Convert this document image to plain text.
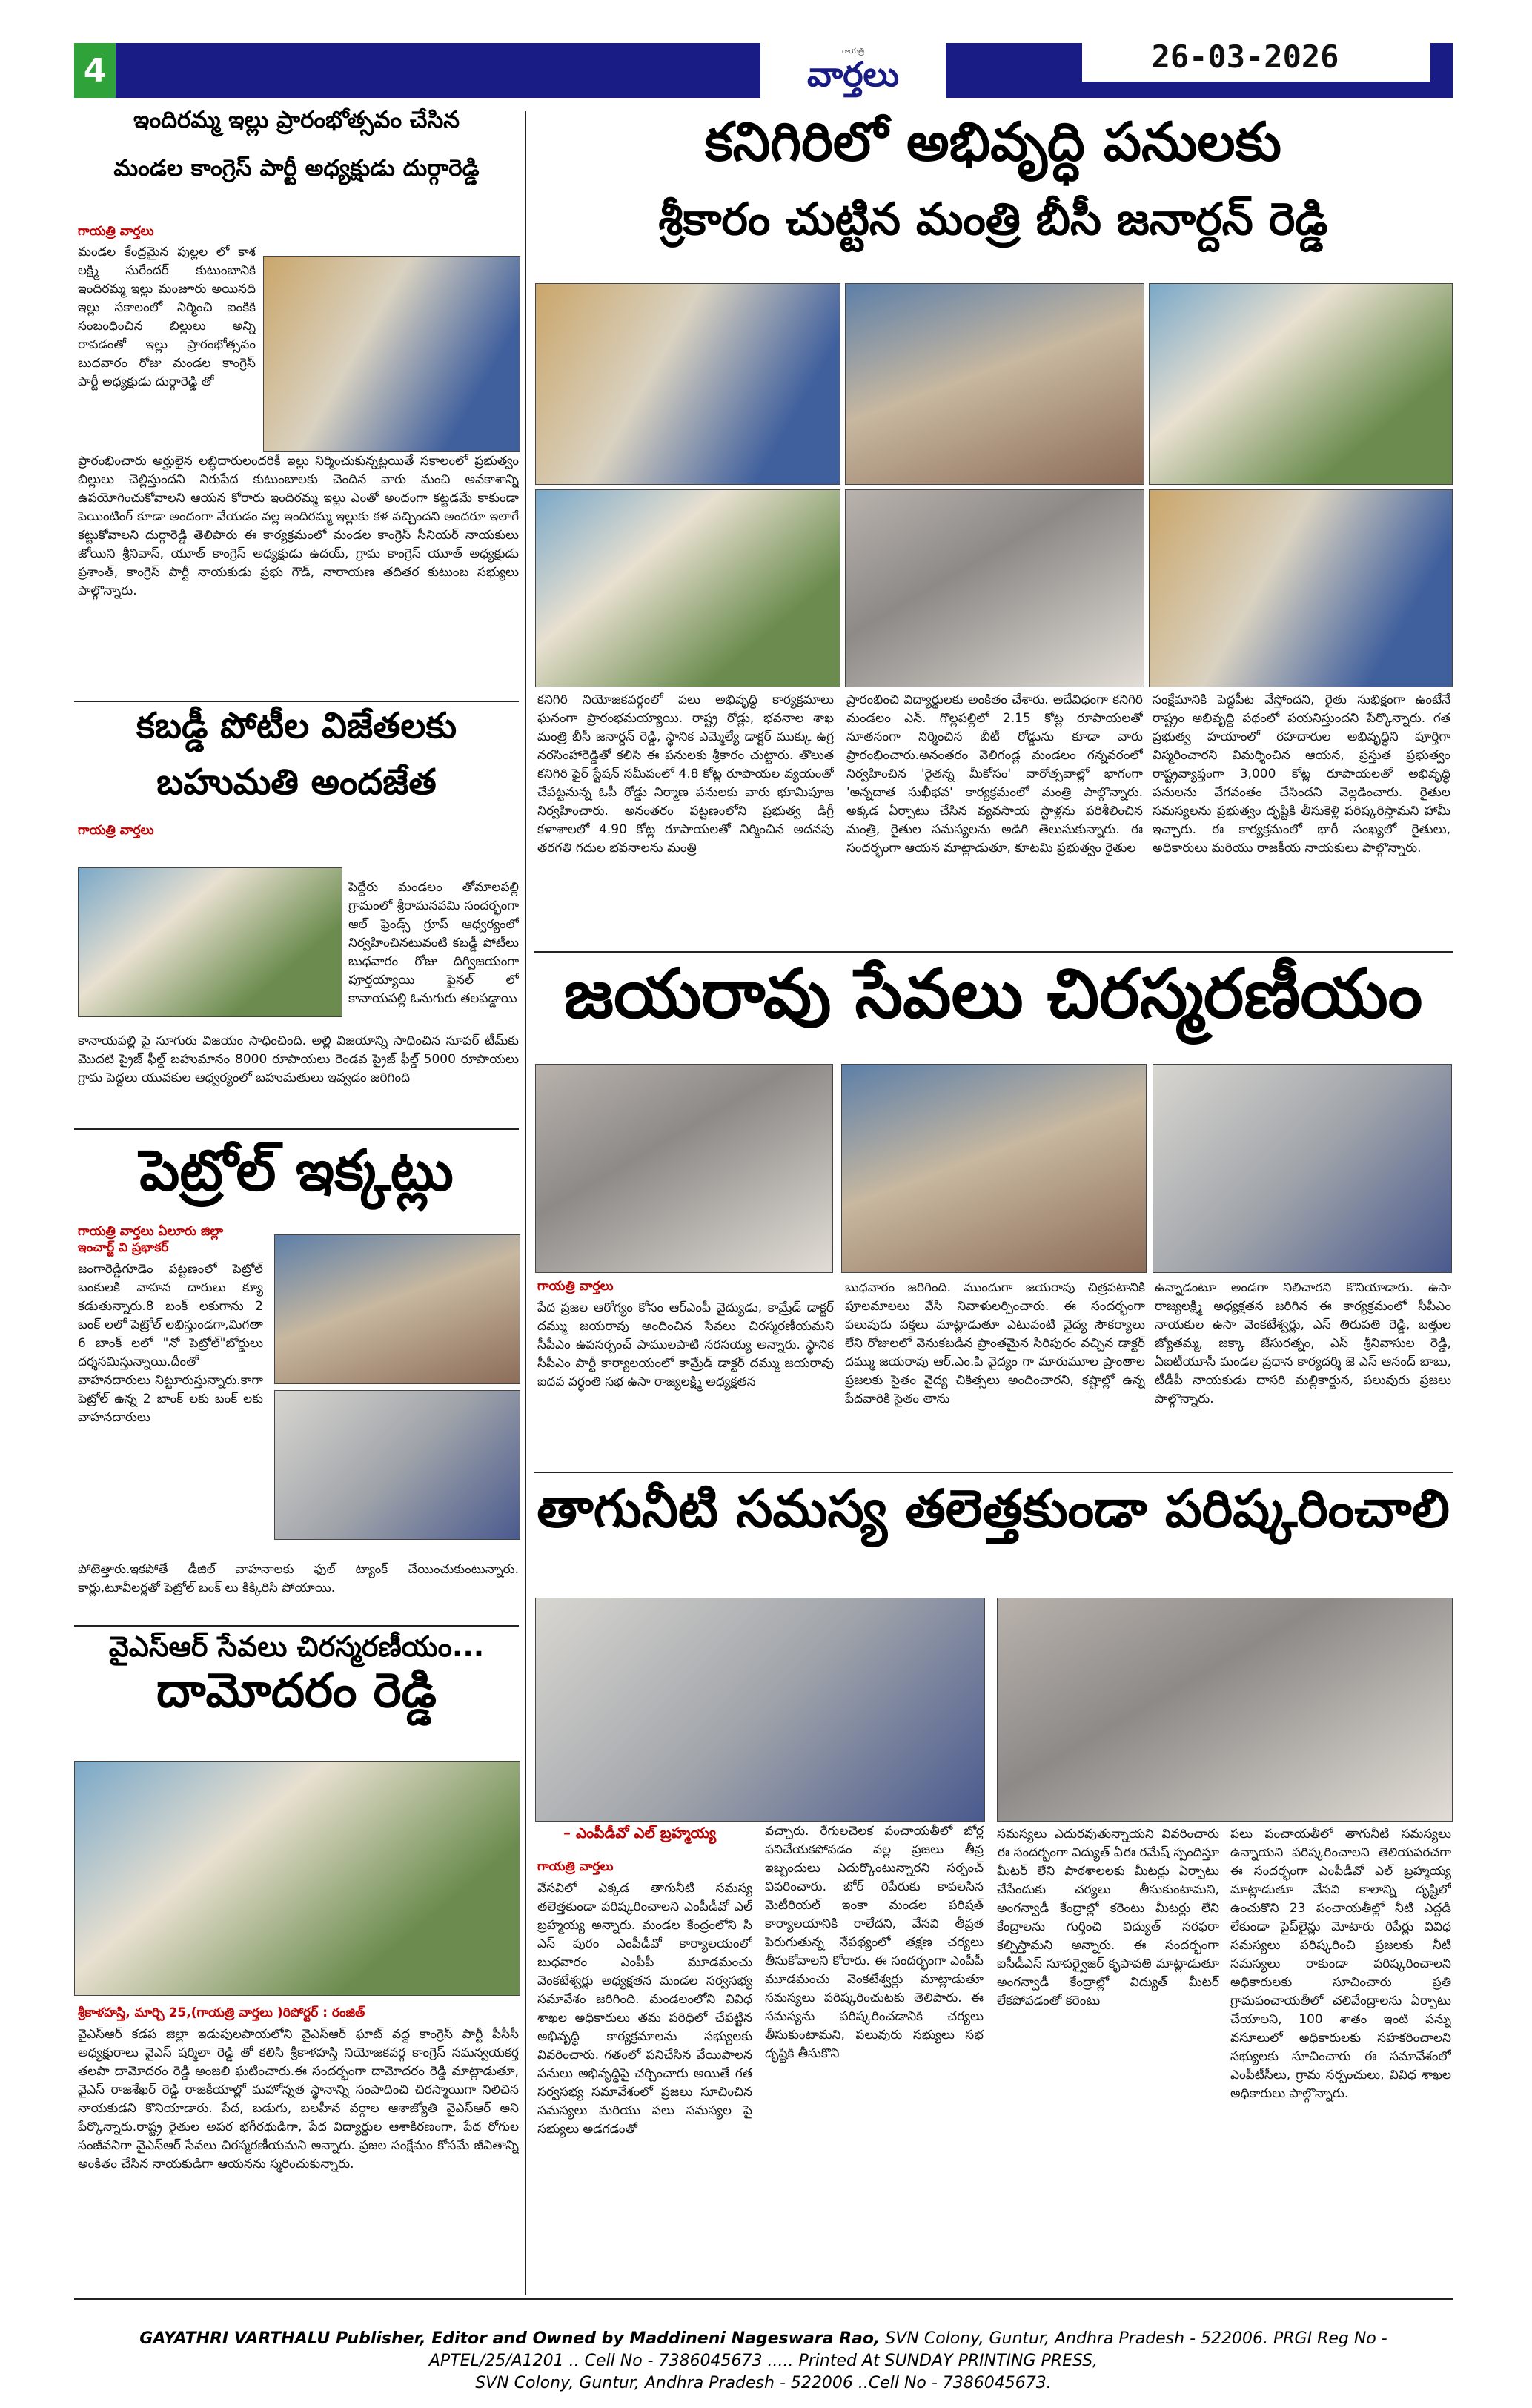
4	గాయత్రి
వార్తలు	26-03-2026
ఇందిరమ్మ ఇల్లు ప్రారంభోత్సవం చేసిన
మండల కాంగ్రెస్ పార్టీ అధ్యక్షుడు దుర్గారెడ్డి
గాయత్రి వార్తలు
మండల కేంద్రమైన పుల్లల లో కాశ లక్ష్మి సురేందర్ కుటుంబానికి ఇందిరమ్మ ఇల్లు మంజూరు అయినది ఇల్లు సకాలంలో నిర్మించి ఐంకికి సంబంధించిన బిల్లులు అన్ని రావడంతో ఇల్లు ప్రారంభోత్సవం బుధవారం రోజు మండల కాంగ్రెస్ పార్టీ అధ్యక్షుడు దుర్గారెడ్డి తో
ప్రారంభించారు అర్హులైన లబ్ధిదారులందరికీ ఇల్లు నిర్మించుకున్నట్లయితే సకాలంలో ప్రభుత్వం బిల్లులు చెల్లిస్తుందని నిరుపేద కుటుంబాలకు చెందిన వారు మంచి అవకాశాన్ని ఉపయోగించుకోవాలని ఆయన కోరారు ఇందిరమ్మ ఇల్లు ఎంతో అందంగా కట్టడమే కాకుండా పెయింటింగ్ కూడా అందంగా వేయడం వల్ల ఇందిరమ్మ ఇల్లుకు కళ వచ్చిందని అందరూ ఇలాగే కట్టుకోవాలని దుర్గారెడ్డి తెలిపారు ఈ కార్యక్రమంలో మండల కాంగ్రెస్ సీనియర్ నాయకులు జోయిని శ్రీనివాస్, యూత్ కాంగ్రెస్ అధ్యక్షుడు ఉదయ్, గ్రామ కాంగ్రెస్ యూత్ అధ్యక్షుడు ప్రశాంత్, కాంగ్రెస్ పార్టీ నాయకుడు ప్రభు గౌడ్, నారాయణ తదితర కుటుంబ సభ్యులు పాల్గొన్నారు.
కబడ్డీ పోటీల విజేతలకు
బహుమతి అందజేత
గాయత్రి వార్తలు
పెద్దేరు మండలం తోమాలపల్లి గ్రామంలో శ్రీరామనవమి సందర్భంగా ఆల్ ఫ్రెండ్స్ గ్రూప్ ఆధ్వర్యంలో నిర్వహించినటువంటి కబడ్డీ పోటీలు బుధవారం రోజు దిగ్విజయంగా పూర్తయ్యాయి ఫైనల్ లో కానాయపల్లి ఓనుగురు తలపడ్డాయి
కానాయపల్లి పై సూగురు విజయం సాధించింది. అల్లి విజయాన్ని సాధించిన సూపర్ టీమ్‌కు మొదటి ప్రైజ్ ఫీల్డ్ బహుమానం 8000 రూపాయలు రెండవ ప్రైజ్ ఫీల్డ్ 5000 రూపాయలు గ్రామ పెద్దలు యువకుల ఆధ్వర్యంలో బహుమతులు ఇవ్వడం జరిగింది
పెట్రోల్ ఇక్కట్లు
గాయత్రి వార్తలు ఏలూరు జిల్లా ఇంచార్జ్ వి ప్రభాకర్
జంగారెడ్డిగూడెం పట్టణంలో పెట్రోల్ బంకులకి వాహన దారులు క్యూ కడుతున్నారు.8 బంక్ లకుగాను 2 బంక్ లలో పెట్రోల్ లభిస్తుండగా,మిగతా 6 బాంక్ లలో "నో పెట్రోల్"బోర్డులు దర్శనమిస్తున్నాయి.దీంతో వాహనదారులు నిట్టూరుస్తున్నారు.కాగా పెట్రోల్ ఉన్న 2 బాంక్ లకు బంక్ లకు వాహనదారులు
పోటెత్తారు.ఇకపోతే డీజిల్ వాహనాలకు ఫుల్ ట్యాంక్ చేయించుకుంటున్నారు. కార్లు,టూవీలర్లతో పెట్రోల్ బంక్ లు కిక్కిరిసి పోయాయి.
వైఎస్ఆర్ సేవలు చిరస్మరణీయం...
దామోదరం రెడ్డి
శ్రీకాళహస్తి, మార్చి 25,(గాయత్రి వార్తలు )రిపోర్టర్ : రంజిత్
వైఎస్ఆర్ కడప జిల్లా ఇడుపులపాయలోని వైఎస్ఆర్ ఘాట్ వద్ద కాంగ్రెస్ పార్టీ పీసీసీ అధ్యక్షురాలు వైఎస్ షర్మిలా రెడ్డి తో కలిసి శ్రీకాళహస్తి నియోజకవర్గ కాంగ్రెస్ సమన్వయకర్త తలపా దామోదరం రెడ్డి అంజలి ఘటించారు.ఈ సందర్భంగా దామోదరం రెడ్డి మాట్లాడుతూ, వైఎస్ రాజశేఖర్ రెడ్డి రాజకీయాల్లో మహోన్నత స్థానాన్ని సంపాదించి చిరస్మాయిగా నిలిచిన నాయకుడని కొనియాడారు. పేద, బడుగు, బలహీన వర్గాల ఆశాజ్యోతి వైఎస్ఆర్ అని పేర్కొన్నారు.రాష్ట్ర రైతుల అపర భగీరథుడిగా, పేద విద్యార్థుల ఆశాకిరణంగా, పేద రోగుల సంజీవనిగా వైఎస్ఆర్ సేవలు చిరస్మరణీయమని అన్నారు. ప్రజల సంక్షేమం కోసమే జీవితాన్ని అంకితం చేసిన నాయకుడిగా ఆయనను స్మరించుకున్నారు.
కనిగిరిలో అభివృద్ధి పనులకు
శ్రీకారం చుట్టిన మంత్రి బీసీ జనార్దన్ రెడ్డి
కనిగిరి నియోజకవర్గంలో పలు అభివృద్ధి కార్యక్రమాలు ఘనంగా ప్రారంభమయ్యాయి. రాష్ట్ర రోడ్లు, భవనాల శాఖ మంత్రి బీసీ జనార్దన్ రెడ్డి, స్థానిక ఎమ్మెల్యే డాక్టర్ ముక్కు ఉగ్ర నరసింహారెడ్డితో కలిసి ఈ పనులకు శ్రీకారం చుట్టారు. తొలుత కనిగిరి ఫైర్ స్టేషన్ సమీపంలో 4.8 కోట్ల రూపాయల వ్యయంతో చేపట్టనున్న ఓపీ రోడ్డు నిర్మాణ పనులకు వారు భూమిపూజ నిర్వహించారు. అనంతరం పట్టణంలోని ప్రభుత్వ డిగ్రీ కళాశాలలో 4.90 కోట్ల రూపాయలతో నిర్మించిన అదనపు తరగతి గదుల భవనాలను మంత్రి
ప్రారంభించి విద్యార్థులకు అంకితం చేశారు. అదేవిధంగా కనిగిరి మండలం ఎన్. గొల్లపల్లిలో 2.15 కోట్ల రూపాయలతో నూతనంగా నిర్మించిన బీటీ రోడ్డును కూడా వారు ప్రారంభించారు.అనంతరం వెలిగండ్ల మండలం గన్నవరంలో నిర్వహించిన 'రైతన్న మీకోసం' వారోత్సవాల్లో భాగంగా 'అన్నదాత సుఖీభవ' కార్యక్రమంలో మంత్రి పాల్గొన్నారు. అక్కడ ఏర్పాటు చేసిన వ్యవసాయ స్టాళ్లను పరిశీలించిన మంత్రి, రైతుల సమస్యలను అడిగి తెలుసుకున్నారు. ఈ సందర్భంగా ఆయన మాట్లాడుతూ, కూటమి ప్రభుత్వం రైతుల
సంక్షేమానికి పెద్దపీట వేస్తోందని, రైతు సుభిక్షంగా ఉంటేనే రాష్ట్రం అభివృద్ధి పథంలో పయనిస్తుందని పేర్కొన్నారు. గత ప్రభుత్వ హయాంలో రహదారుల అభివృద్ధిని పూర్తిగా విస్మరించారని విమర్శించిన ఆయన, ప్రస్తుత ప్రభుత్వం రాష్ట్రవ్యాప్తంగా 3,000 కోట్ల రూపాయలతో అభివృద్ధి పనులను వేగవంతం చేసిందని వెల్లడించారు. రైతుల సమస్యలను ప్రభుత్వం దృష్టికి తీసుకెళ్లి పరిష్కరిస్తామని హామీ ఇచ్చారు. ఈ కార్యక్రమంలో భారీ సంఖ్యలో రైతులు, అధికారులు మరియు రాజకీయ నాయకులు పాల్గొన్నారు.
జయరావు సేవలు చిరస్మరణీయం
గాయత్రి వార్తలు
పేద ప్రజల ఆరోగ్యం కోసం ఆర్ఎంపీ వైద్యుడు, కామ్రేడ్ డాక్టర్ దమ్ము జయరావు అందించిన సేవలు చిరస్మరణీయమని సీపీఎం ఉపసర్పంచ్ పాములపాటి నరసయ్య అన్నారు. స్థానిక సీపీఎం పార్టీ కార్యాలయంలో కామ్రేడ్ డాక్టర్ దమ్ము జయరావు ఐదవ వర్ధంతి సభ ఉసా రాజ్యలక్ష్మి అధ్యక్షతన
బుధవారం జరిగింది. ముందుగా జయరావు చిత్రపటానికి పూలమాలలు వేసి నివాళులర్పించారు. ఈ సందర్భంగా పలువురు వక్తలు మాట్లాడుతూ ఎటువంటి వైద్య సౌకర్యాలు లేని రోజులలో వెనుకబడిన ప్రాంతమైన సిరిపురం వచ్చిన డాక్టర్ దమ్ము జయరావు ఆర్.ఎం.పి వైద్యం గా మారుమూల ప్రాంతాల ప్రజలకు సైతం వైద్య చికిత్సలు అందించారని, కష్టాల్లో ఉన్న పేదవారికి సైతం తాను
ఉన్నాడంటూ అండగా నిలిచారని కొనియాడారు. ఉసా రాజ్యలక్ష్మి అధ్యక్షతన జరిగిన ఈ కార్యక్రమంలో సీపీఎం నాయకుల ఉసా వెంకటేశ్వర్లు, ఎస్ తిరుపతి రెడ్డి, బత్తుల జ్యోతమ్మ, జక్కా జేసురత్నం, ఎస్ శ్రీనివాసుల రెడ్డి, ఏఐటీయూసీ మండల ప్రధాన కార్యదర్శి జె ఎస్ ఆనంద్ బాబు, టీడీపీ నాయకుడు దాసరి మల్లికార్జున, పలువురు ప్రజలు పాల్గొన్నారు.
తాగునీటి సమస్య తలెత్తకుండా పరిష్కరించాలి
– ఎంపీడీవో ఎల్ బ్రహ్మయ్య
గాయత్రి వార్తలు
వేసవిలో ఎక్కడ తాగునీటి సమస్య తలెత్తకుండా పరిష్కరించాలని ఎంపీడీవో ఎల్ బ్రహ్మయ్య అన్నారు. మండల కేంద్రంలోని సి ఎస్ పురం ఎంపీడీవో కార్యాలయంలో బుధవారం ఎంపీపీ మూడమంచు వెంకటేశ్వర్లు అధ్యక్షతన మండల సర్వసభ్య సమావేశం జరిగింది. మండలంలోని వివిధ శాఖల అధికారులు తమ పరిధిలో చేపట్టిన అభివృద్ధి కార్యక్రమాలను సభ్యులకు వివరించారు. గతంలో పనిచేసిన వేయిపాలన పనులు అభివృద్ధిపై చర్చించారు అయితే గత సర్వసభ్య సమావేశంలో ప్రజలు సూచించిన సమస్యలు మరియు పలు సమస్యల పై సభ్యులు అడగడంతో
వచ్చారు. రేగులచెలక పంచాయతీలో బోర్ల పనిచేయకపోవడం వల్ల ప్రజలు తీవ్ర ఇబ్బందులు ఎదుర్కొంటున్నారని సర్పంచ్ వివరించారు. బోర్ రిపేరుకు కావలసిన మెటీరియల్ ఇంకా మండల పరిషత్ కార్యాలయానికి రాలేదని, వేసవి తీవ్రత పెరుగుతున్న నేపథ్యంలో తక్షణ చర్యలు తీసుకోవాలని కోరారు. ఈ సందర్భంగా ఎంపీపీ మూడమంచు వెంకటేశ్వర్లు మాట్లాడుతూ సమస్యలు పరిష్కరించుటకు తెలిపారు. ఈ సమస్యను పరిష్కరించడానికి చర్యలు తీసుకుంటామని, పలువురు సభ్యులు సభ దృష్టికి తీసుకొని
సమస్యలు ఎదురవుతున్నాయని వివరించారు ఈ సందర్భంగా విద్యుత్ ఏఈ రమేష్ స్పందిస్తూ మీటర్ లేని పాఠశాలలకు మీటర్లు ఏర్పాటు చేసేందుకు చర్యలు తీసుకుంటామని, అంగన్వాడీ కేంద్రాల్లో కరెంటు మీటర్లు లేని కేంద్రాలను గుర్తించి విద్యుత్ సరఫరా కల్పిస్తామని అన్నారు. ఈ సందర్భంగా ఐసీడీఎస్ సూపర్వైజర్ కృపావతి మాట్లాడుతూ అంగన్వాడీ కేంద్రాల్లో విద్యుత్ మీటర్ లేకపోవడంతో కరెంటు
పలు పంచాయతీలో తాగునీటి సమస్యలు ఉన్నాయని పరిష్కరించాలని తెలియపరచగా ఈ సందర్భంగా ఎంపీడీవో ఎల్ బ్రహ్మయ్య మాట్లాడుతూ వేసవి కాలాన్ని దృష్టిలో ఉంచుకొని 23 పంచాయతీల్లో నీటి ఎద్దడి లేకుండా పైప్‌లైన్లు మోటారు రిపేర్లు వివిధ సమస్యలు పరిష్కరించి ప్రజలకు నీటి సమస్యలు రాకుండా పరిష్కరించాలని అధికారులకు సూచించారు ప్రతి గ్రామపంచాయతీలో చలివేంద్రాలను ఏర్పాటు చేయాలని, 100 శాతం ఇంటి పన్ను వసూలులో అధికారులకు సహకరించాలని సభ్యులకు సూచించారు ఈ సమావేశంలో ఎంపీటీసీలు, గ్రామ సర్పంచులు, వివిధ శాఖల అధికారులు పాల్గొన్నారు.
GAYATHRI VARTHALU Publisher, Editor and Owned by Maddineni Nageswara Rao, SVN Colony, Guntur, Andhra Pradesh - 522006. PRGI Reg No -
APTEL/25/A1201 .. Cell No - 7386045673 ..... Printed At SUNDAY PRINTING PRESS,
SVN Colony, Guntur, Andhra Pradesh - 522006 ..Cell No - 7386045673.
